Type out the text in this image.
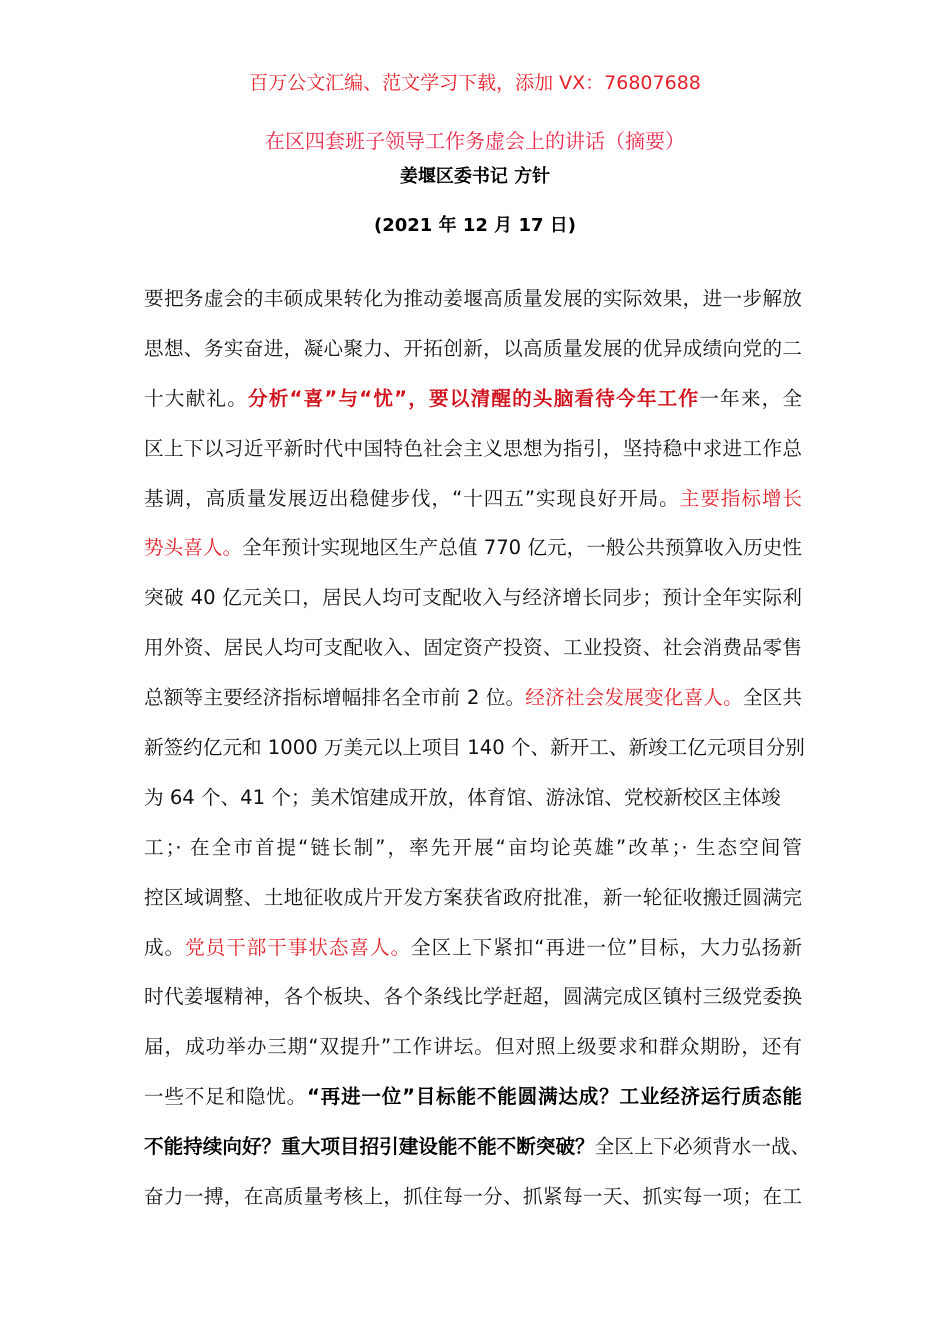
百万公文汇编、范文学习下载，添加 VX：76807688
在区四套班子领导工作务虚会上的讲话（摘要）
姜堰区委书记 方针
(2021 年 12 月 17 日)
要把务虚会的丰硕成果转化为推动姜堰高质量发展的实际效果，进一步解放
思想、务实奋进，凝心聚力、开拓创新，以高质量发展的优异成绩向党的二
十大献礼。分析“喜”与“忧”，要以清醒的头脑看待今年工作一年来，全
区上下以习近平新时代中国特色社会主义思想为指引，坚持稳中求进工作总
基调，高质量发展迈出稳健步伐，“十四五”实现良好开局。主要指标增长
势头喜人。全年预计实现地区生产总值 770 亿元，一般公共预算收入历史性
突破 40 亿元关口，居民人均可支配收入与经济增长同步；预计全年实际利
用外资、居民人均可支配收入、固定资产投资、工业投资、社会消费品零售
总额等主要经济指标增幅排名全市前 2 位。经济社会发展变化喜人。全区共
新签约亿元和 1000 万美元以上项目 140 个、新开工、新竣工亿元项目分别
为 64 个、41 个；美术馆建成开放，体育馆、游泳馆、党校新校区主体竣
工；· 在全市首提“链长制”，率先开展“亩均论英雄”改革；· 生态空间管
控区域调整、土地征收成片开发方案获省政府批准，新一轮征收搬迁圆满完
成。党员干部干事状态喜人。全区上下紧扣“再进一位”目标，大力弘扬新
时代姜堰精神，各个板块、各个条线比学赶超，圆满完成区镇村三级党委换
届，成功举办三期“双提升”工作讲坛。但对照上级要求和群众期盼，还有
一些不足和隐忧。“再进一位”目标能不能圆满达成？工业经济运行质态能
不能持续向好？重大项目招引建设能不能不断突破？全区上下必须背水一战、
奋力一搏，在高质量考核上，抓住每一分、抓紧每一天、抓实每一项；在工
